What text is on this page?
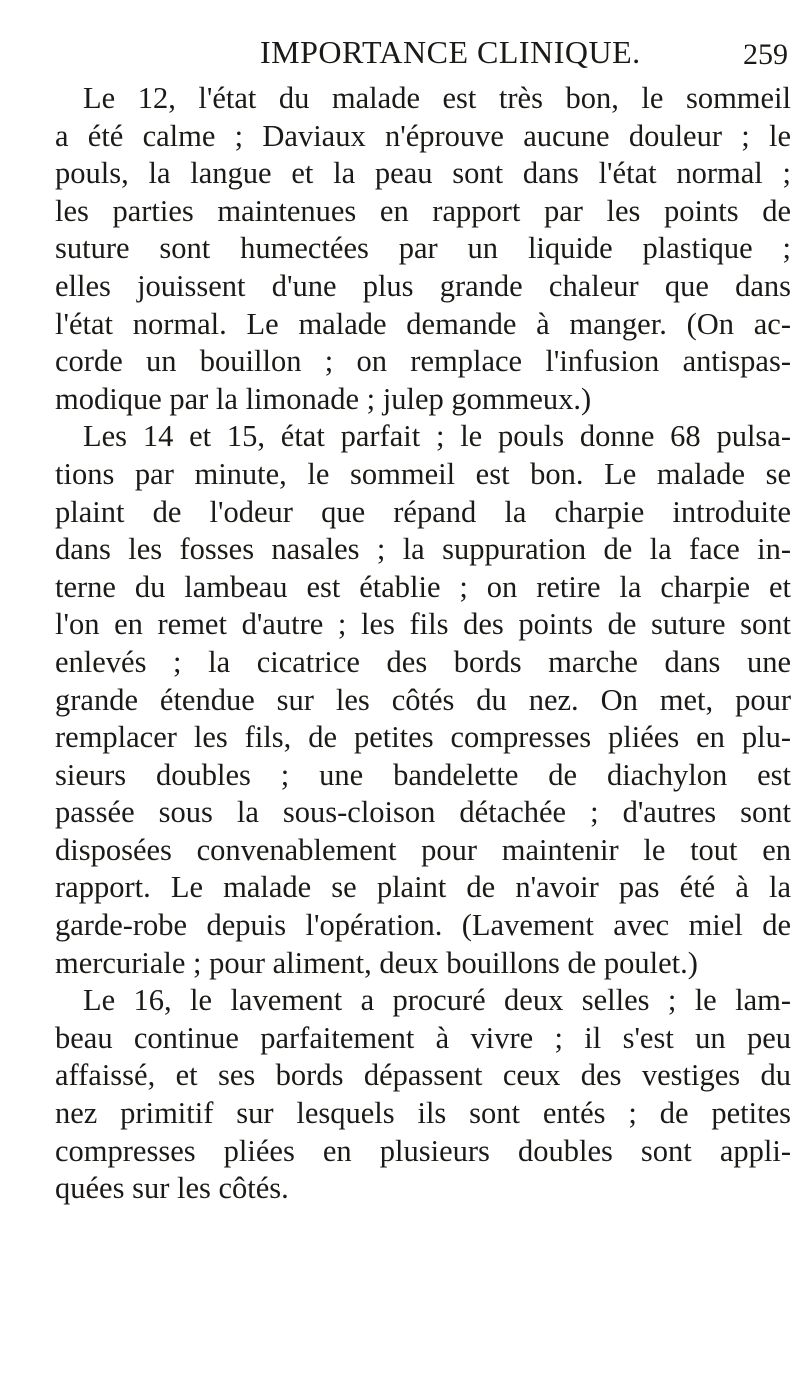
IMPORTANCE CLINIQUE.	259
Le 12, l'état du malade est très bon, le sommeil
a été calme ; Daviaux n'éprouve aucune douleur ; le
pouls, la langue et la peau sont dans l'état normal ;
les parties maintenues en rapport par les points de
suture sont humectées par un liquide plastique ;
elles jouissent d'une plus grande chaleur que dans
l'état normal. Le malade demande à manger. (On ac-
corde un bouillon ; on remplace l'infusion antispas-
modique par la limonade ; julep gommeux.)
Les 14 et 15, état parfait ; le pouls donne 68 pulsa-
tions par minute, le sommeil est bon. Le malade se
plaint de l'odeur que répand la charpie introduite
dans les fosses nasales ; la suppuration de la face in-
terne du lambeau est établie ; on retire la charpie et
l'on en remet d'autre ; les fils des points de suture sont
enlevés ; la cicatrice des bords marche dans une
grande étendue sur les côtés du nez. On met, pour
remplacer les fils, de petites compresses pliées en plu-
sieurs doubles ; une bandelette de diachylon est
passée sous la sous-cloison détachée ; d'autres sont
disposées convenablement pour maintenir le tout en
rapport. Le malade se plaint de n'avoir pas été à la
garde-robe depuis l'opération. (Lavement avec miel de
mercuriale ; pour aliment, deux bouillons de poulet.)
Le 16, le lavement a procuré deux selles ; le lam-
beau continue parfaitement à vivre ; il s'est un peu
affaissé, et ses bords dépassent ceux des vestiges du
nez primitif sur lesquels ils sont entés ; de petites
compresses pliées en plusieurs doubles sont appli-
quées sur les côtés.
